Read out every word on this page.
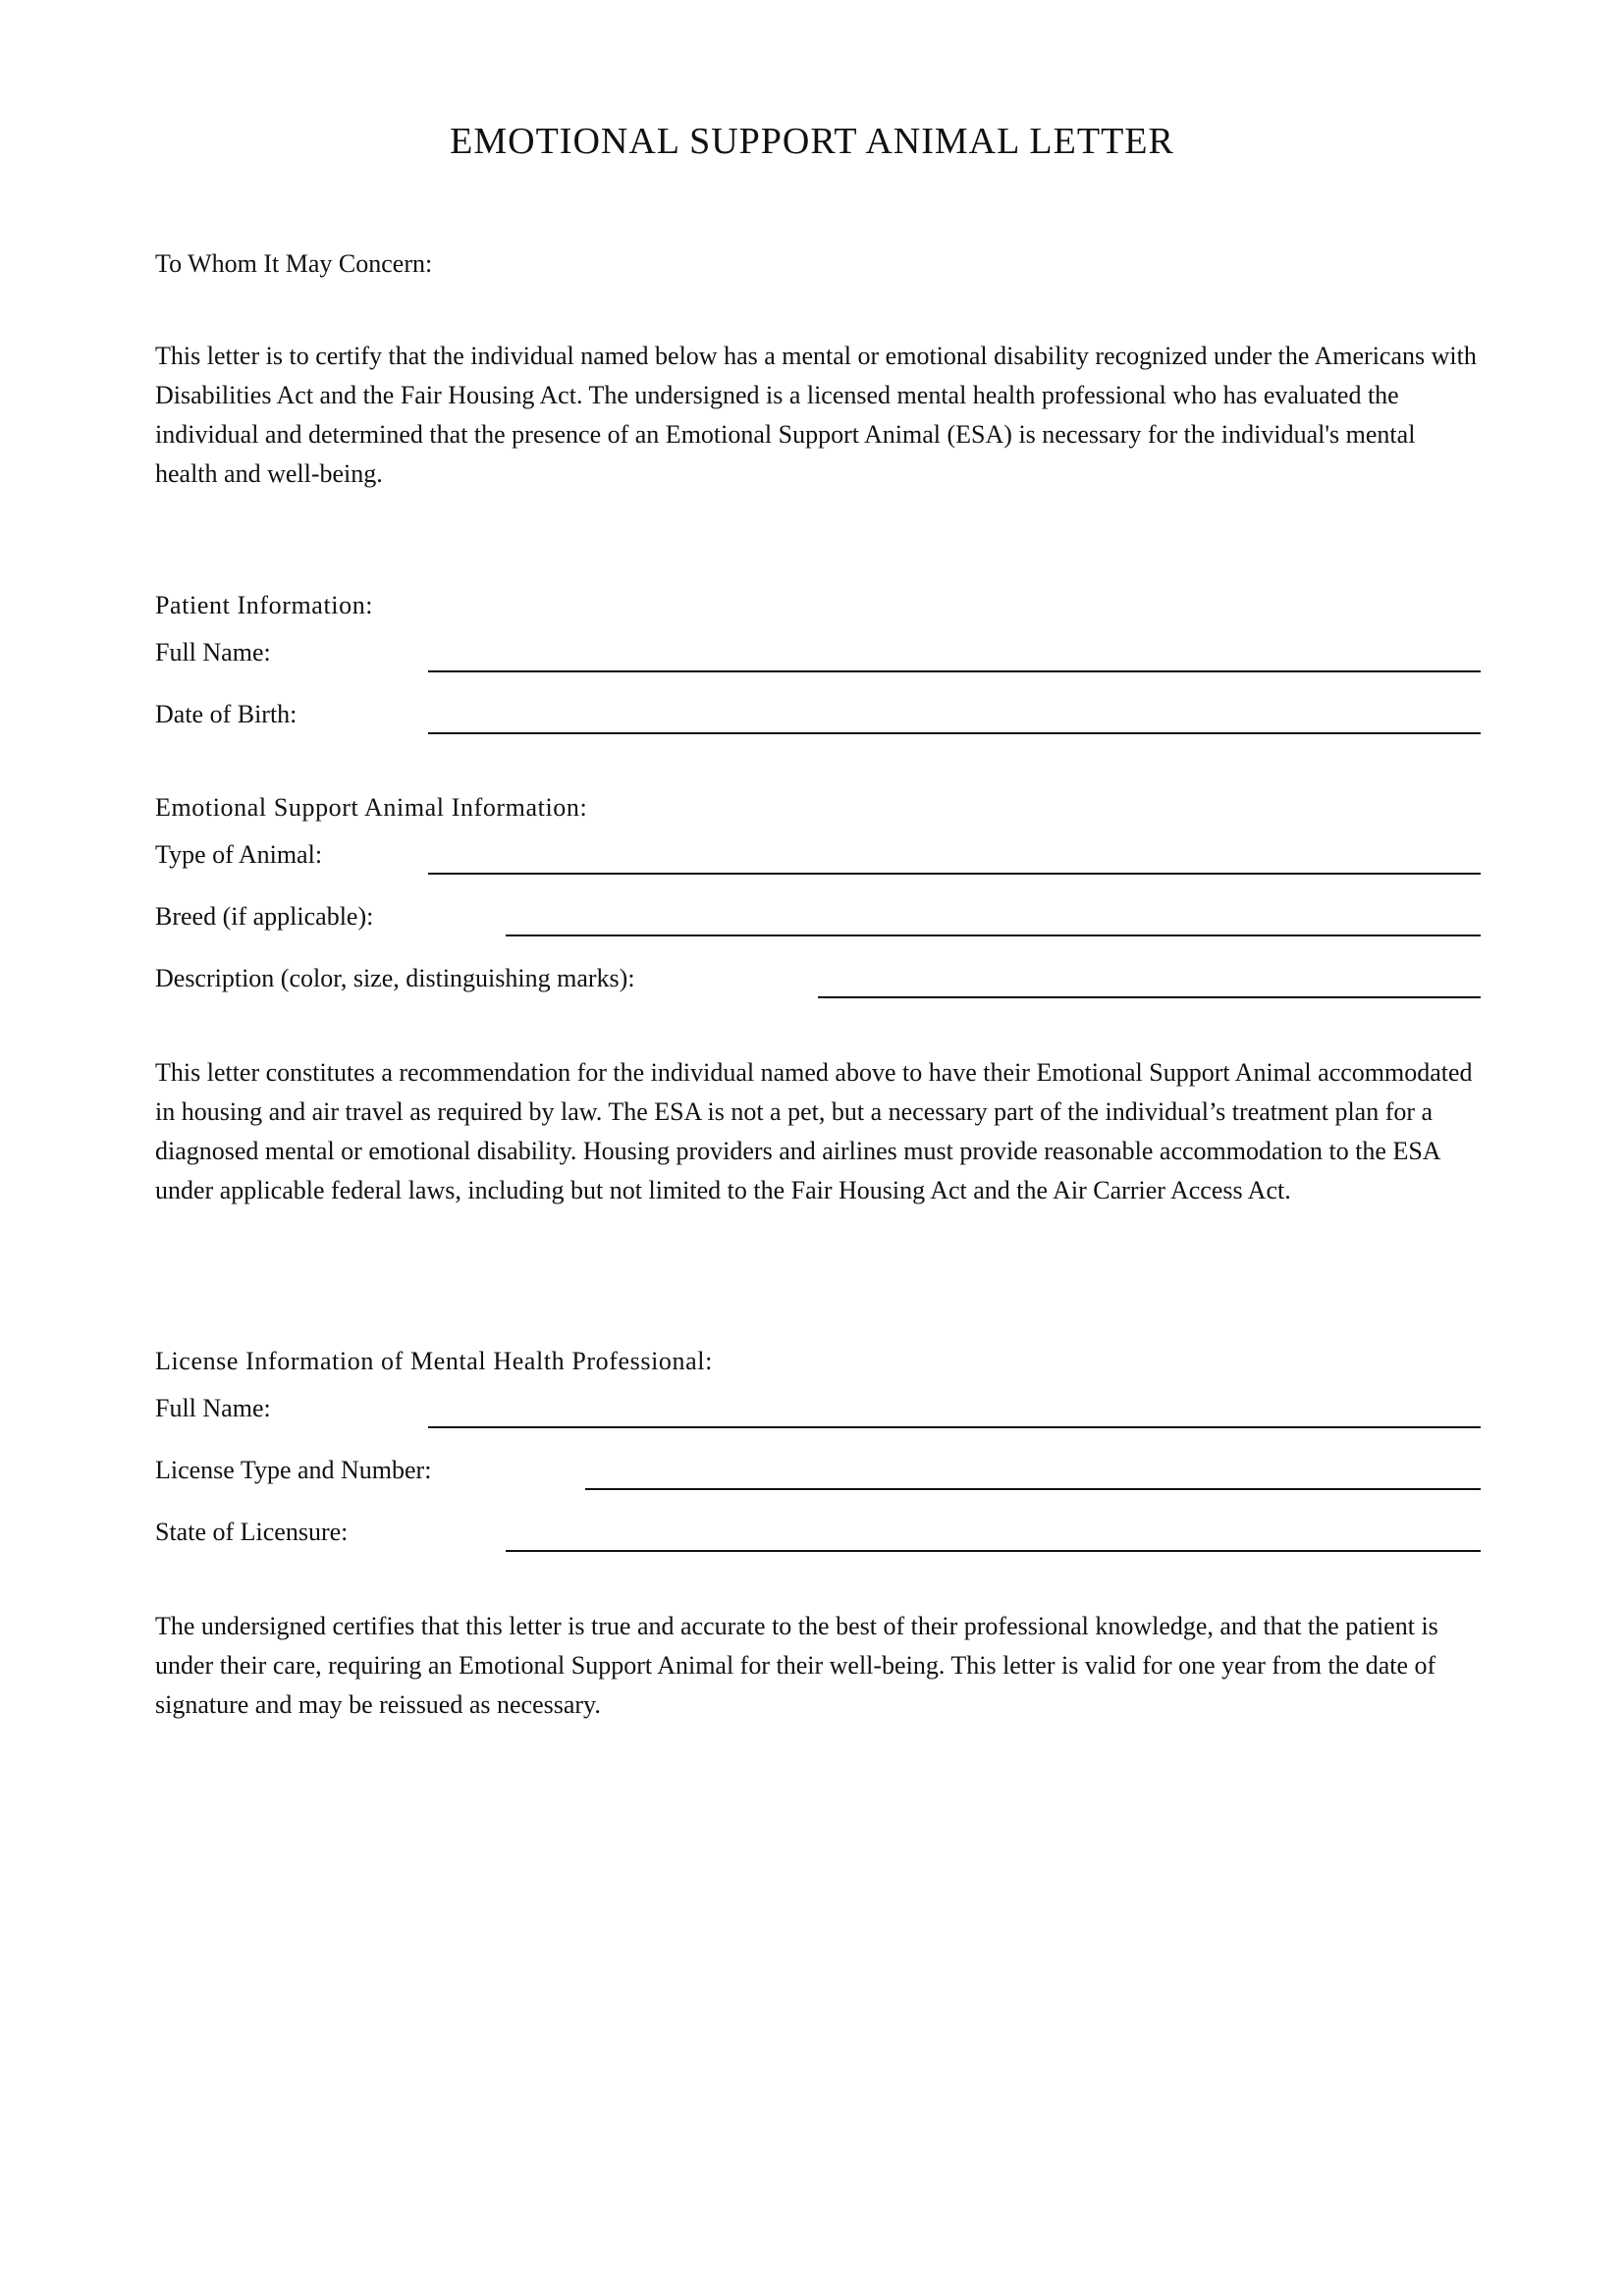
EMOTIONAL SUPPORT ANIMAL LETTER
To Whom It May Concern:
This letter is to certify that the individual named below has a mental or emotional disability recognized under the Americans with Disabilities Act and the Fair Housing Act. The undersigned is a licensed mental health professional who has evaluated the individual and determined that the presence of an Emotional Support Animal (ESA) is necessary for the individual's mental health and well-being.
Patient Information:
Full Name:
Date of Birth:
Emotional Support Animal Information:
Type of Animal:
Breed (if applicable):
Description (color, size, distinguishing marks):
This letter constitutes a recommendation for the individual named above to have their Emotional Support Animal accommodated in housing and air travel as required by law. The ESA is not a pet, but a necessary part of the individual’s treatment plan for a diagnosed mental or emotional disability. Housing providers and airlines must provide reasonable accommodation to the ESA under applicable federal laws, including but not limited to the Fair Housing Act and the Air Carrier Access Act.
License Information of Mental Health Professional:
Full Name:
License Type and Number:
State of Licensure:
The undersigned certifies that this letter is true and accurate to the best of their professional knowledge, and that the patient is under their care, requiring an Emotional Support Animal for their well-being. This letter is valid for one year from the date of signature and may be reissued as necessary.
